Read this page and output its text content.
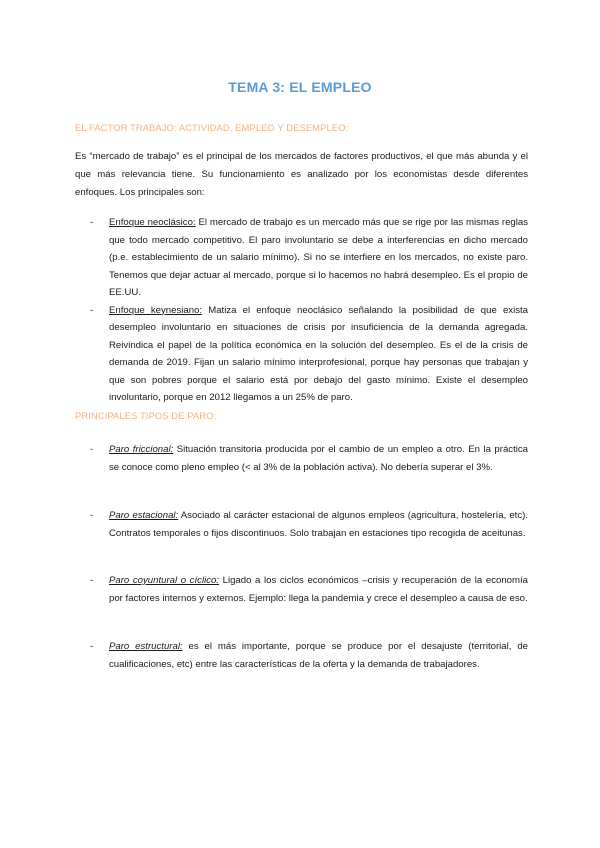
TEMA 3: EL EMPLEO
EL FACTOR TRABAJO: ACTIVIDAD, EMPLEO Y DESEMPLEO:
Es “mercado de trabajo” es el principal de los mercados de factores productivos, el que más abunda y el que más relevancia tiene. Su funcionamiento es analizado por los economistas desde diferentes enfoques. Los principales son:
- Enfoque neoclásico: El mercado de trabajo es un mercado más que se rige por las mismas reglas que todo mercado competitivo. El paro involuntario se debe a interferencias en dicho mercado (p.e. establecimiento de un salario mínimo). Si no se interfiere en los mercados, no existe paro. Tenemos que dejar actuar al mercado, porque si lo hacemos no habrá desempleo. Es el propio de EE.UU.
- Enfoque keynesiano: Matiza el enfoque neoclásico señalando la posibilidad de que exista desempleo involuntario en situaciones de crisis por insuficiencia de la demanda agregada. Reivindica el papel de la política económica en la solución del desempleo. Es el de la crisis de demanda de 2019. Fijan un salario mínimo interprofesional, porque hay personas que trabajan y que son pobres porque el salario está por debajo del gasto mínimo. Existe el desempleo involuntario, porque en 2012 llegamos a un 25% de paro.
PRINCIPALES TIPOS DE PARO:
- Paro friccional: Situación transitoria producida por el cambio de un empleo a otro. En la práctica se conoce como pleno empleo (< al 3% de la población activa). No debería superar el 3%.
- Paro estacional: Asociado al carácter estacional de algunos empleos (agricultura, hostelería, etc). Contratos temporales o fijos discontinuos. Solo trabajan en estaciones tipo recogida de aceitunas.
- Paro coyuntural o cíclico: Ligado a los ciclos económicos –crisis y recuperación de la economía por factores internos y externos. Ejemplo: llega la pandemia y crece el desempleo a causa de eso.
- Paro estructural: es el más importante, porque se produce por el desajuste (territorial, de cualificaciones, etc) entre las características de la oferta y la demanda de trabajadores.
